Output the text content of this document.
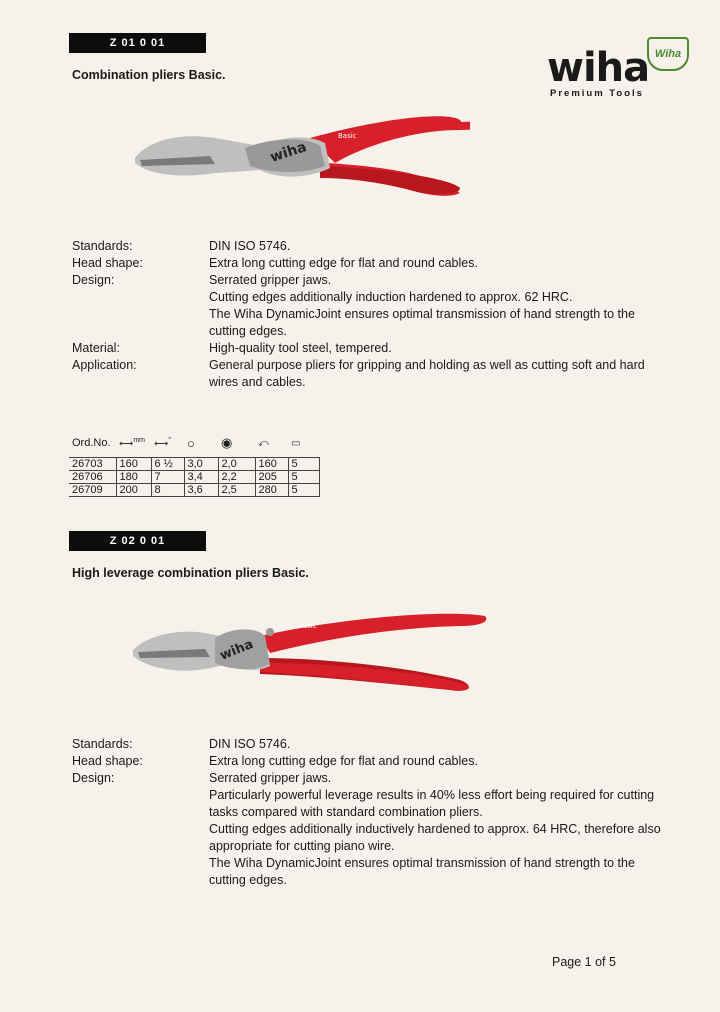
wiha Wiha
Premium Tools
Z 01 0 01
Combination pliers Basic.
wiha
Basic
Standards:	DIN ISO 5746.
Head shape:	Extra long cutting edge for flat and round cables.
Design:	Serrated gripper jaws.
Cutting edges additionally induction hardened to approx. 62 HRC.
The Wiha DynamicJoint ensures optimal transmission of hand strength to the cutting edges.
Material:	High-quality tool steel, tempered.
Application:	General purpose pliers for gripping and holding as well as cutting soft and hard wires and cables.
Ord.No.	⟷$^{mm}$	⟷"	○	◉	⤺	▭
26703	160	6 ½	3,0	2,0	160	5
26706	180	7	3,4	2,2	205	5
26709	200	8	3,6	2,5	280	5
Z 02 0 01
High leverage combination pliers Basic.
wiha
Basic
Standards:	DIN ISO 5746.
Head shape:	Extra long cutting edge for flat and round cables.
Design:	Serrated gripper jaws.
Particularly powerful leverage results in 40% less effort being required for cutting tasks compared with standard combination pliers.
Cutting edges additionally inductively hardened to approx. 64 HRC, therefore also appropriate for cutting piano wire.
The Wiha DynamicJoint ensures optimal transmission of hand strength to the cutting edges.
Page 1 of 5
